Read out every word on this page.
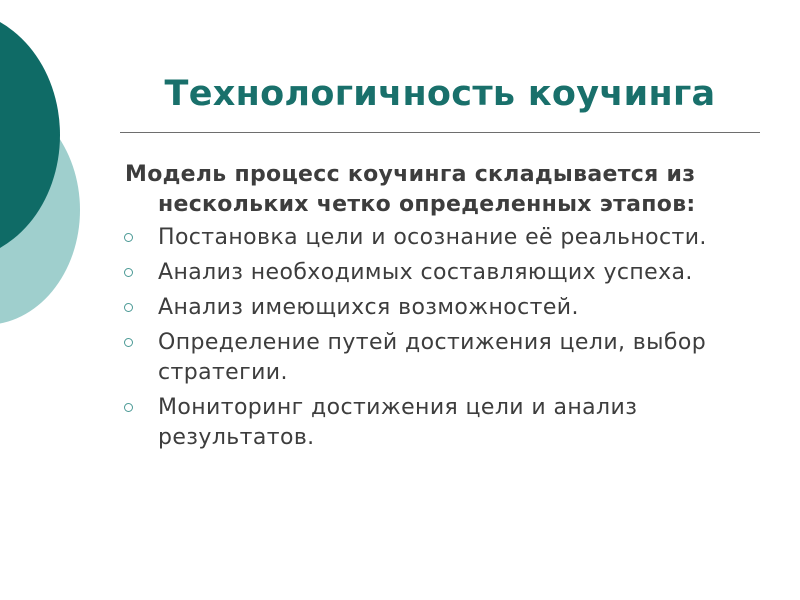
Технологичность коучинга
Модель процесс коучинга складывается из нескольких четко определенных этапов:
Постановка цели и осознание её реальности.
Анализ необходимых составляющих успеха.
Анализ имеющихся возможностей.
Определение путей достижения цели, выбор стратегии.
Мониторинг достижения цели и анализ результатов.
